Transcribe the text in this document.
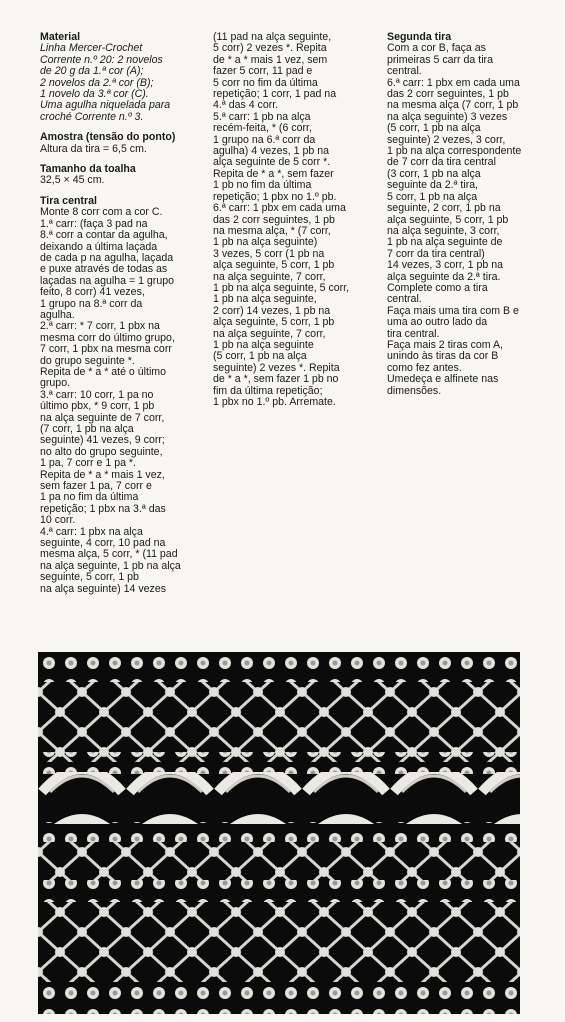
Material

Linha Mercer-Crochet
Corrente n.º 20: 2 novelos
de 20 g da 1.ª cor (A);
2 novelos da 2.ª cor (B);
1 novelo da 3.ª cor (C).
Uma agulha niquelada para
croché Corrente n.º 3.

Amostra (tensão do ponto)

Altura da tira = 6,5 cm.

Tamanho da toalha

32,5 × 45 cm.

Tira central

Monte 8 corr com a cor C.
1.ª carr: (faça 3 pad na
8.ª corr a contar da agulha,
deixando a última laçada
de cada p na agulha, laçada
e puxe através de todas as
laçadas na agulha = 1 grupo
feito, 8 corr) 41 vezes,
1 grupo na 8.ª corr da
agulha.
2.ª carr: * 7 corr, 1 pbx na
mesma corr do último grupo,
7 corr, 1 pbx na mesma corr
do grupo seguinte *.
Repita de * a * até o último
grupo.
3.ª carr: 10 corr, 1 pa no
último pbx, * 9 corr, 1 pb
na alça seguinte de 7 corr,
(7 corr, 1 pb na alça
seguinte) 41 vezes, 9 corr;
no alto do grupo seguinte,
1 pa, 7 corr e 1 pa *.
Repita de * a * mais 1 vez,
sem fazer 1 pa, 7 corr e
1 pa no fim da última
repetição; 1 pbx na 3.ª das
10 corr.
4.ª carr: 1 pbx na alça
seguinte, 4 corr, 10 pad na
mesma alça, 5 corr, * (11 pad
na alça seguinte, 1 pb na alça
seguinte, 5 corr, 1 pb
na alça seguinte) 14 vezes

(11 pad na alça seguinte,
5 corr) 2 vezes *. Repita
de * a * mais 1 vez, sem
fazer 5 corr, 11 pad e
5 corr no fim da última
repetição; 1 corr, 1 pad na
4.ª das 4 corr.
5.ª carr: 1 pb na alça
recém-feita, * (6 corr,
1 grupo na 6.ª corr da
agulha) 4 vezes, 1 pb na
alça seguinte de 5 corr *.
Repita de * a *, sem fazer
1 pb no fim da última
repetição; 1 pbx no 1.º pb.
6.ª carr: 1 pbx em cada uma
das 2 corr seguintes, 1 pb
na mesma alça, * (7 corr,
1 pb na alça seguinte)
3 vezes, 5 corr (1 pb na
alça seguinte, 5 corr, 1 pb
na alça seguinte, 7 corr,
1 pb na alça seguinte, 5 corr,
1 pb na alça seguinte,
2 corr) 14 vezes, 1 pb na
alça seguinte, 5 corr, 1 pb
na alça seguinte, 7 corr,
1 pb na alça seguinte
(5 corr, 1 pb na alça
seguinte) 2 vezes *. Repita
de * a *, sem fazer 1 pb no
fim da última repetição;
1 pbx no 1.º pb. Arremate.

Segunda tira

Com a cor B, faça as
primeiras 5 carr da tira
central.
6.ª carr: 1 pbx em cada uma
das 2 corr seguintes, 1 pb
na mesma alça (7 corr, 1 pb
na alça seguinte) 3 vezes
(5 corr, 1 pb na alça
seguinte) 2 vezes, 3 corr,
1 pb na alça correspondente
de 7 corr da tira central
(3 corr, 1 pb na alça
seguinte da 2.ª tira,
5 corr, 1 pb na alça
seguinte, 2 corr, 1 pb na
alça seguinte, 5 corr, 1 pb
na alça seguinte, 3 corr,
1 pb na alça seguinte de
7 corr da tira central)
14 vezes, 3 corr, 1 pb na
alça seguinte da 2.ª tira.
Complete como a tira
central.
Faça mais uma tira com B e
uma ao outro lado da
tira central.
Faça mais 2 tiras com A,
unindo às tiras da cor B
como fez antes.
Umedeça e alfinete nas
dimensões.
